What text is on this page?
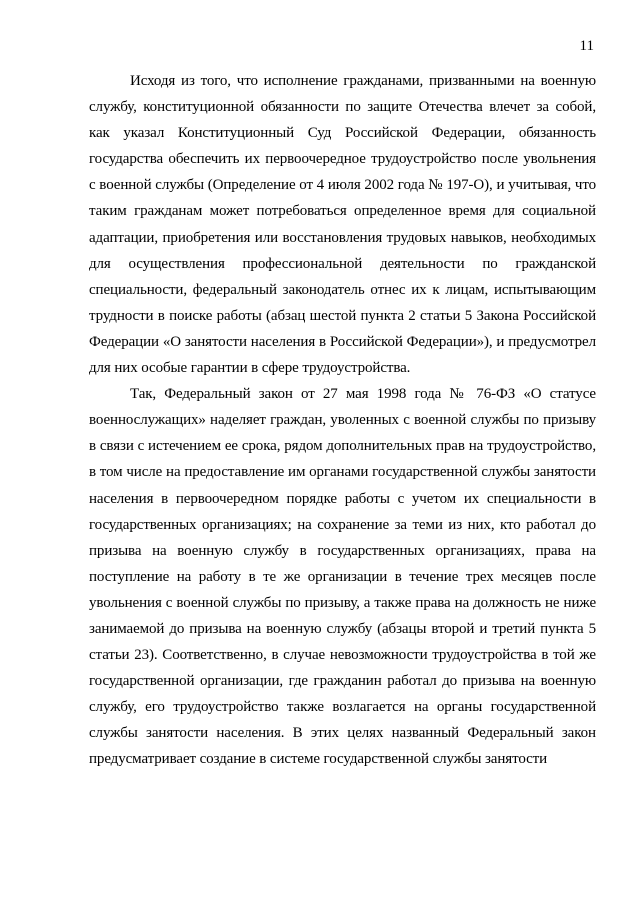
11

Исходя из того, что исполнение гражданами, призванными на военную службу, конституционной обязанности по защите Отечества влечет за собой, как указал Конституционный Суд Российской Федерации, обязанность государства обеспечить их первоочередное трудоустройство после увольнения с военной службы (Определение от 4 июля 2002 года № 197-О), и учитывая, что таким гражданам может потребоваться определенное время для социальной адаптации, приобретения или восстановления трудовых навыков, необходимых для осуществления профессиональной деятельности по гражданской специальности, федеральный законодатель отнес их к лицам, испытывающим трудности в поиске работы (абзац шестой пункта 2 статьи 5 Закона Российской Федерации «О занятости населения в Российской Федерации»), и предусмотрел для них особые гарантии в сфере трудоустройства.

Так, Федеральный закон от 27 мая 1998 года № 76-ФЗ «О статусе военнослужащих» наделяет граждан, уволенных с военной службы по призыву в связи с истечением ее срока, рядом дополнительных прав на трудоустройство, в том числе на предоставление им органами государственной службы занятости населения в первоочередном порядке работы с учетом их специальности в государственных организациях; на сохранение за теми из них, кто работал до призыва на военную службу в государственных организациях, права на поступление на работу в те же организации в течение трех месяцев после увольнения с военной службы по призыву, а также права на должность не ниже занимаемой до призыва на военную службу (абзацы второй и третий пункта 5 статьи 23). Соответственно, в случае невозможности трудоустройства в той же государственной организации, где гражданин работал до призыва на военную службу, его трудоустройство также возлагается на органы государственной службы занятости населения. В этих целях названный Федеральный закон предусматривает создание в системе государственной службы занятости
